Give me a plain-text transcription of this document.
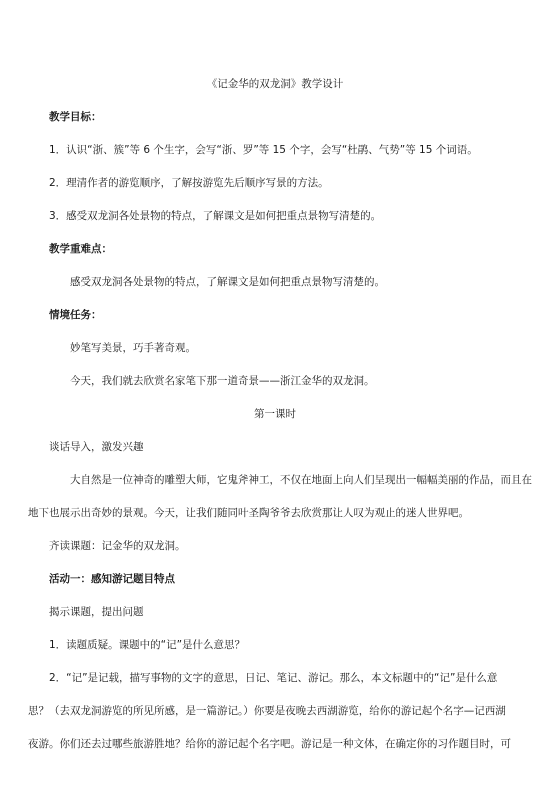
《记金华的双龙洞》教学设计
教学目标：
1．认识“浙、簇”等 6 个生字，会写“浙、罗”等 15 个字，会写“杜鹃、气势”等 15 个词语。
2．理清作者的游览顺序，了解按游览先后顺序写景的方法。
3．感受双龙洞各处景物的特点，了解课文是如何把重点景物写清楚的。
教学重难点：
感受双龙洞各处景物的特点，了解课文是如何把重点景物写清楚的。
情境任务：
妙笔写美景，巧手著奇观。
今天，我们就去欣赏名家笔下那一道奇景——浙江金华的双龙洞。
第一课时
谈话导入，激发兴趣
大自然是一位神奇的雕塑大师，它鬼斧神工，不仅在地面上向人们呈现出一幅幅美丽的作品，而且在
地下也展示出奇妙的景观。今天，让我们随同叶圣陶爷爷去欣赏那让人叹为观止的迷人世界吧。
齐读课题：记金华的双龙洞。
活动一：感知游记题目特点
揭示课题，提出问题
1．读题质疑。课题中的“记”是什么意思？
2．“记”是记载，描写事物的文字的意思，日记、笔记、游记。那么，本文标题中的“记”是什么意
思？（去双龙洞游览的所见所感，是一篇游记。）你要是夜晚去西湖游览，给你的游记起个名字—记西湖
夜游。你们还去过哪些旅游胜地？给你的游记起个名字吧。游记是一种文体，在确定你的习作题目时，可
